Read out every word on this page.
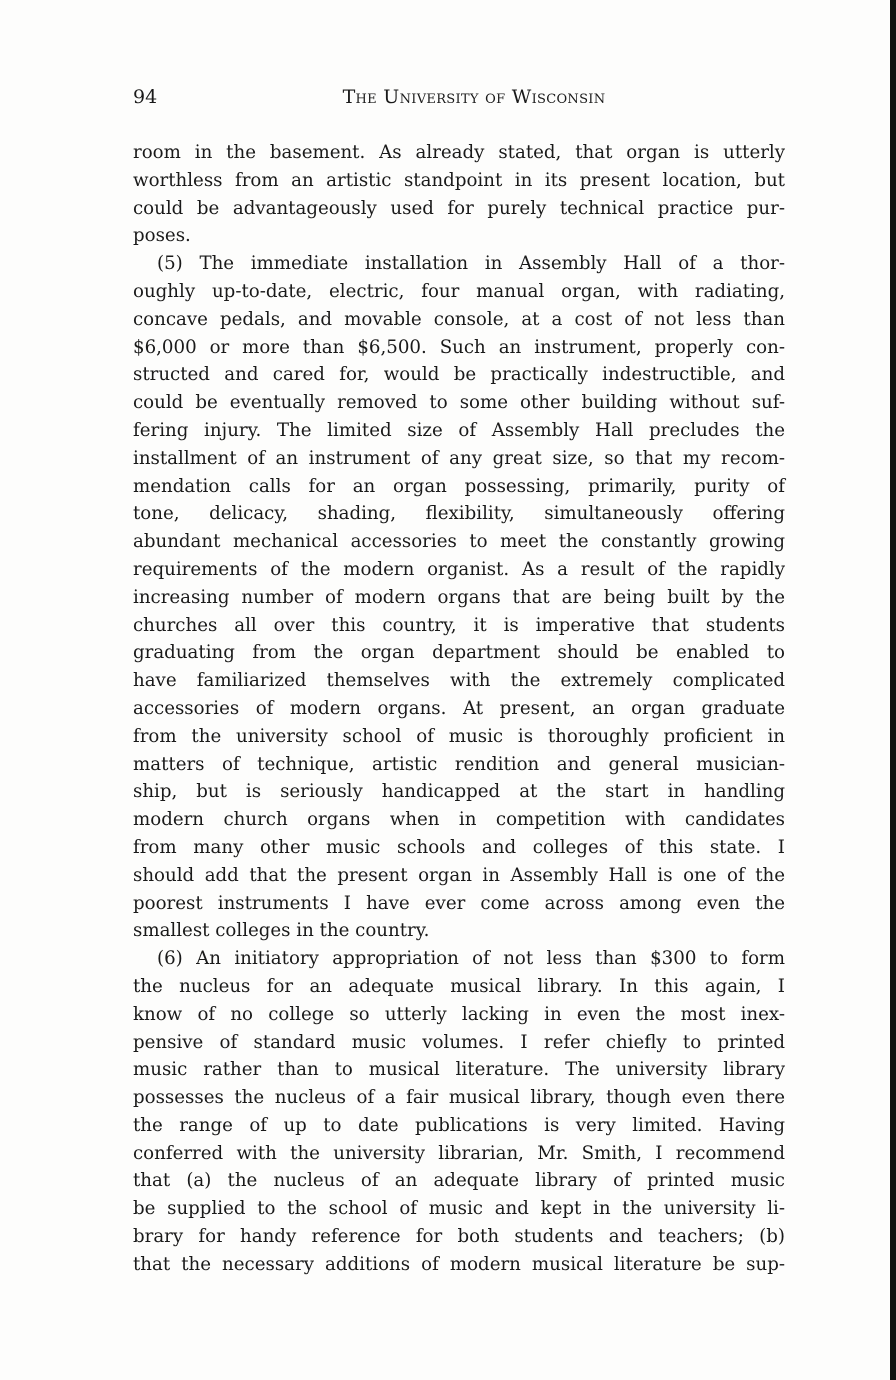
94	The University of Wisconsin
room in the basement. As already stated, that organ is utterly
worthless from an artistic standpoint in its present location, but
could be advantageously used for purely technical practice pur-
poses.
(5) The immediate installation in Assembly Hall of a thor-
oughly up-to-date, electric, four manual organ, with radiating,
concave pedals, and movable console, at a cost of not less than
$6,000 or more than $6,500. Such an instrument, properly con-
structed and cared for, would be practically indestructible, and
could be eventually removed to some other building without suf-
fering injury. The limited size of Assembly Hall precludes the
installment of an instrument of any great size, so that my recom-
mendation calls for an organ possessing, primarily, purity of
tone, delicacy, shading, flexibility, simultaneously offering
abundant mechanical accessories to meet the constantly growing
requirements of the modern organist. As a result of the rapidly
increasing number of modern organs that are being built by the
churches all over this country, it is imperative that students
graduating from the organ department should be enabled to
have familiarized themselves with the extremely complicated
accessories of modern organs. At present, an organ graduate
from the university school of music is thoroughly proficient in
matters of technique, artistic rendition and general musician-
ship, but is seriously handicapped at the start in handling
modern church organs when in competition with candidates
from many other music schools and colleges of this state. I
should add that the present organ in Assembly Hall is one of the
poorest instruments I have ever come across among even the
smallest colleges in the country.
(6) An initiatory appropriation of not less than $300 to form
the nucleus for an adequate musical library. In this again, I
know of no college so utterly lacking in even the most inex-
pensive of standard music volumes. I refer chiefly to printed
music rather than to musical literature. The university library
possesses the nucleus of a fair musical library, though even there
the range of up to date publications is very limited. Having
conferred with the university librarian, Mr. Smith, I recommend
that (a) the nucleus of an adequate library of printed music
be supplied to the school of music and kept in the university li-
brary for handy reference for both students and teachers; (b)
that the necessary additions of modern musical literature be sup-
